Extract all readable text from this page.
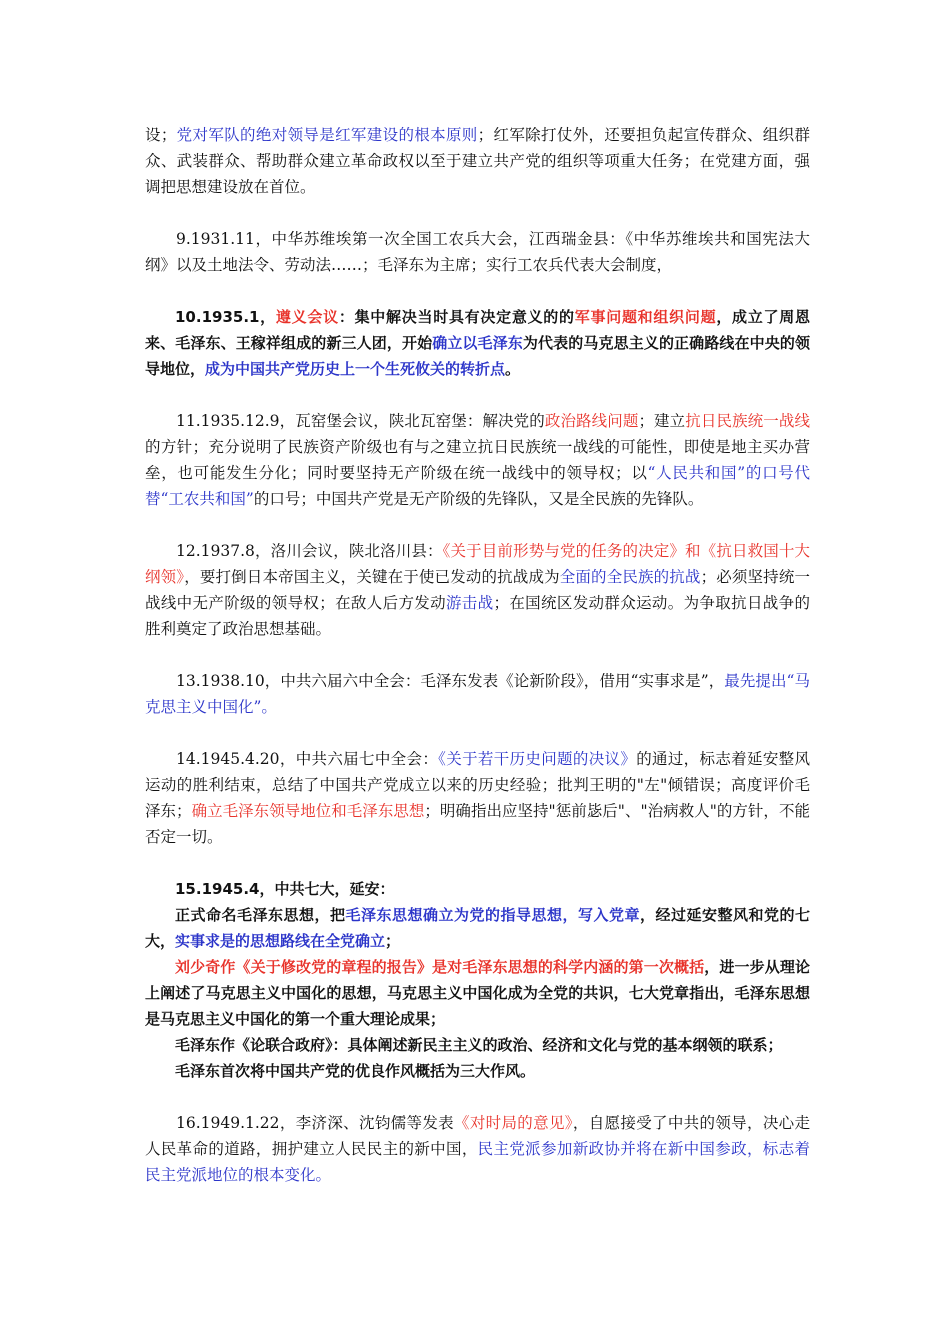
设；党对军队的绝对领导是红军建设的根本原则；红军除打仗外，还要担负起宣传群众、组织群众、武装群众、帮助群众建立革命政权以至于建立共产党的组织等项重大任务；在党建方面，强调把思想建设放在首位。

9.1931.11，中华苏维埃第一次全国工农兵大会，江西瑞金县：《中华苏维埃共和国宪法大纲》以及土地法令、劳动法……；毛泽东为主席；实行工农兵代表大会制度，

10.1935.1，遵义会议：集中解决当时具有决定意义的的军事问题和组织问题，成立了周恩来、毛泽东、王稼祥组成的新三人团，开始确立以毛泽东为代表的马克思主义的正确路线在中央的领导地位，成为中国共产党历史上一个生死攸关的转折点。

11.1935.12.9，瓦窑堡会议，陕北瓦窑堡：解决党的政治路线问题；建立抗日民族统一战线的方针；充分说明了民族资产阶级也有与之建立抗日民族统一战线的可能性，即使是地主买办营垒，也可能发生分化；同时要坚持无产阶级在统一战线中的领导权；以“人民共和国”的口号代替“工农共和国”的口号；中国共产党是无产阶级的先锋队，又是全民族的先锋队。

12.1937.8，洛川会议，陕北洛川县：《关于目前形势与党的任务的决定》和《抗日救国十大纲领》，要打倒日本帝国主义，关键在于使已发动的抗战成为全面的全民族的抗战；必须坚持统一战线中无产阶级的领导权；在敌人后方发动游击战；在国统区发动群众运动。为争取抗日战争的胜利奠定了政治思想基础。

13.1938.10，中共六届六中全会：毛泽东发表《论新阶段》，借用“实事求是”，最先提出“马克思主义中国化”。

14.1945.4.20，中共六届七中全会：《关于若干历史问题的决议》的通过，标志着延安整风运动的胜利结束，总结了中国共产党成立以来的历史经验；批判王明的"左"倾错误；高度评价毛泽东；确立毛泽东领导地位和毛泽东思想；明确指出应坚持"惩前毖后"、"治病救人"的方针，不能否定一切。

15.1945.4，中共七大，延安：

正式命名毛泽东思想，把毛泽东思想确立为党的指导思想，写入党章，经过延安整风和党的七大，实事求是的思想路线在全党确立；

刘少奇作《关于修改党的章程的报告》是对毛泽东思想的科学内涵的第一次概括，进一步从理论上阐述了马克思主义中国化的思想，马克思主义中国化成为全党的共识，七大党章指出，毛泽东思想是马克思主义中国化的第一个重大理论成果；

毛泽东作《论联合政府》：具体阐述新民主主义的政治、经济和文化与党的基本纲领的联系；

毛泽东首次将中国共产党的优良作风概括为三大作风。

16.1949.1.22，李济深、沈钧儒等发表《对时局的意见》，自愿接受了中共的领导，决心走人民革命的道路，拥护建立人民民主的新中国，民主党派参加新政协并将在新中国参政，标志着民主党派地位的根本变化。
